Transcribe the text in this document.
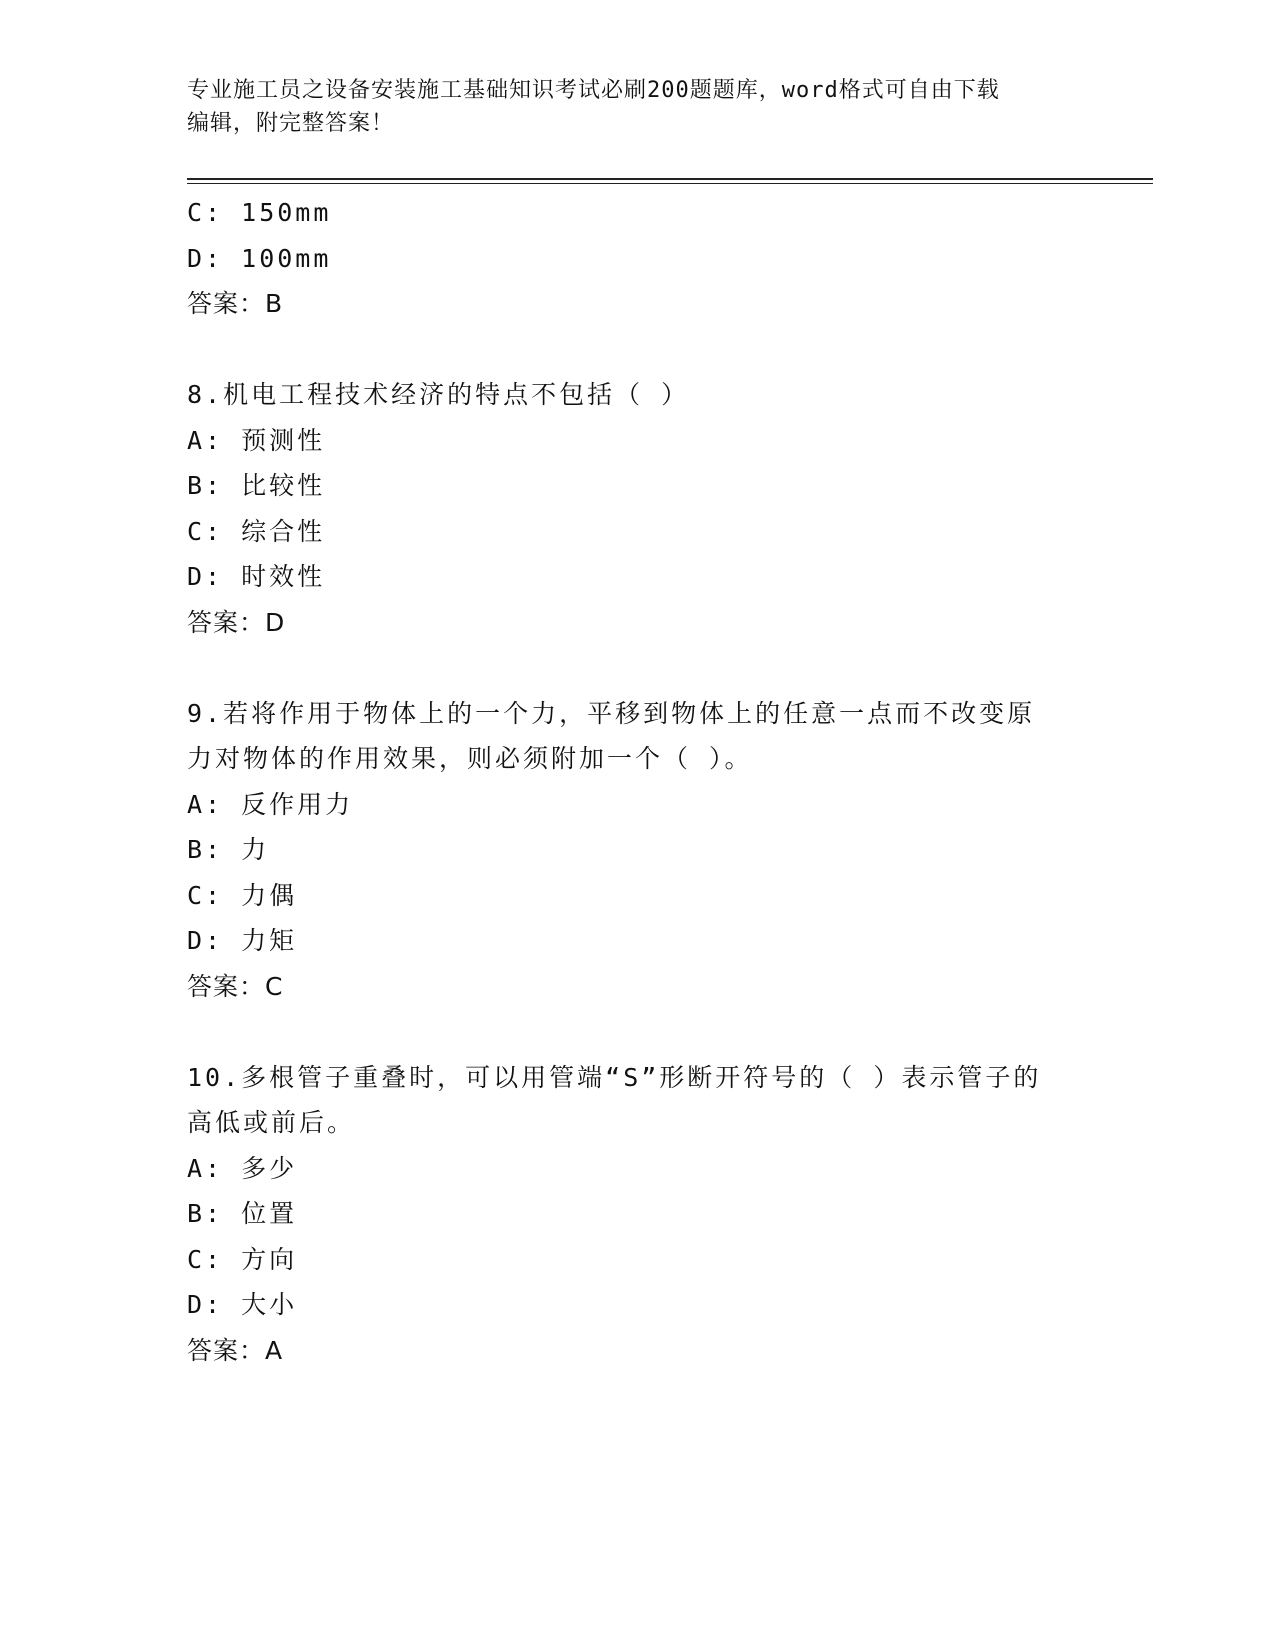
专业施工员之设备安装施工基础知识考试必刷200题题库，word格式可自由下载
编辑，附完整答案！
C: 150mm
D: 100mm
答案：B
8.机电工程技术经济的特点不包括（ ）
A: 预测性
B: 比较性
C: 综合性
D: 时效性
答案：D
9.若将作用于物体上的一个力，平移到物体上的任意一点而不改变原
力对物体的作用效果，则必须附加一个（ ）。
A: 反作用力
B: 力
C: 力偶
D: 力矩
答案：C
10.多根管子重叠时，可以用管端“S”形断开符号的（ ）表示管子的
高低或前后。
A: 多少
B: 位置
C: 方向
D: 大小
答案：A
